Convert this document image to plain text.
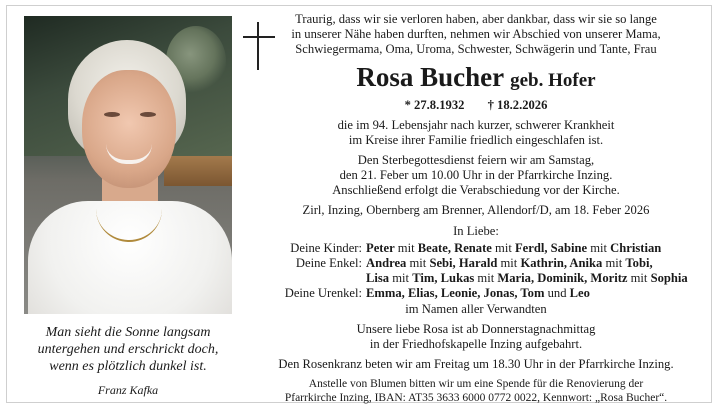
Man sieht die Sonne langsam
untergehen und erschrickt doch,
wenn es plötzlich dunkel ist.
Franz Kafka
Traurig, dass wir sie verloren haben, aber dankbar, dass wir sie so lange
in unserer Nähe haben durften, nehmen wir Abschied von unserer Mama,
Schwiegermama, Oma, Uroma, Schwester, Schwägerin und Tante, Frau
Rosa Bucher geb. Hofer
* 27.8.1932 † 18.2.2026
die im 94. Lebensjahr nach kurzer, schwerer Krankheit
im Kreise ihrer Familie friedlich eingeschlafen ist.
Den Sterbegottesdienst feiern wir am Samstag,
den 21. Feber um 10.00 Uhr in der Pfarrkirche Inzing.
Anschließend erfolgt die Verabschiedung vor der Kirche.
Zirl, Inzing, Obernberg am Brenner, Allendorf/D, am 18. Feber 2026
In Liebe:
Deine Kinder: Peter mit Beate, Renate mit Ferdl, Sabine mit Christian
Deine Enkel: Andrea mit Sebi, Harald mit Kathrin, Anika mit Tobi,
Lisa mit Tim, Lukas mit Maria, Dominik, Moritz mit Sophia
Deine Urenkel: Emma, Elias, Leonie, Jonas, Tom und Leo
im Namen aller Verwandten
Unsere liebe Rosa ist ab Donnerstagnachmittag
in der Friedhofskapelle Inzing aufgebahrt.
Den Rosenkranz beten wir am Freitag um 18.30 Uhr in der Pfarrkirche Inzing.
Anstelle von Blumen bitten wir um eine Spende für die Renovierung der
Pfarrkirche Inzing, IBAN: AT35 3633 6000 0772 0022, Kennwort: „Rosa Bucher“.
